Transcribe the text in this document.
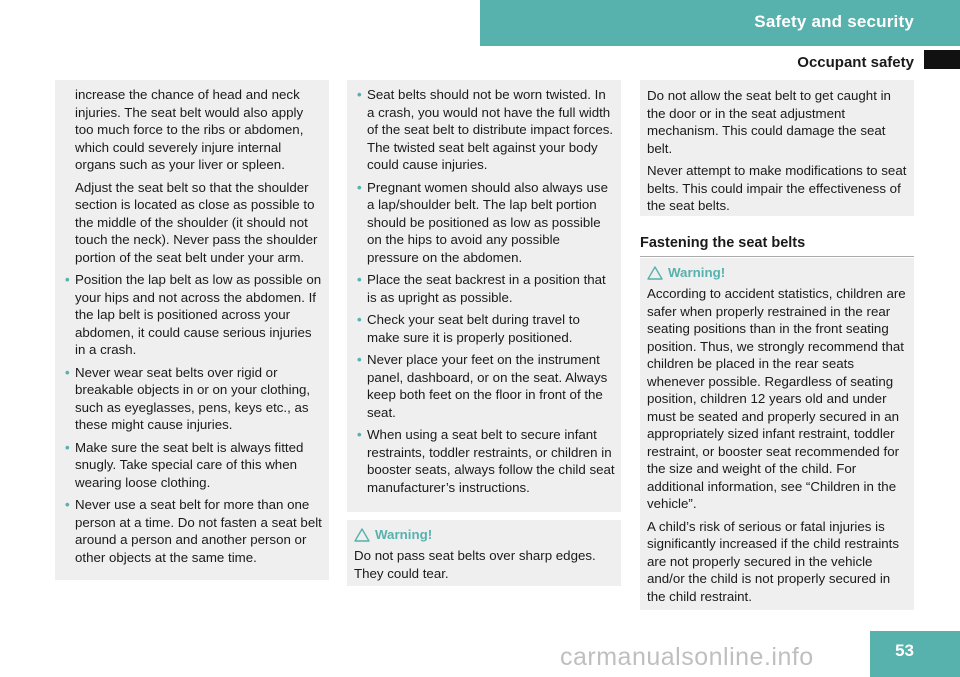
Safety and security
Occupant safety

increase the chance of head and neck injuries. The seat belt would also apply too much force to the ribs or abdomen, which could severely injure internal organs such as your liver or spleen.

Adjust the seat belt so that the shoulder section is located as close as possible to the middle of the shoulder (it should not touch the neck). Never pass the shoulder portion of the seat belt under your arm.

• Position the lap belt as low as possible on your hips and not across the abdomen. If the lap belt is positioned across your abdomen, it could cause serious injuries in a crash.
• Never wear seat belts over rigid or breakable objects in or on your clothing, such as eyeglasses, pens, keys etc., as these might cause injuries.
• Make sure the seat belt is always fitted snugly. Take special care of this when wearing loose clothing.
• Never use a seat belt for more than one person at a time. Do not fasten a seat belt around a person and another person or other objects at the same time.
• Seat belts should not be worn twisted. In a crash, you would not have the full width of the seat belt to distribute impact forces. The twisted seat belt against your body could cause injuries.
• Pregnant women should also always use a lap/shoulder belt. The lap belt portion should be positioned as low as possible on the hips to avoid any possible pressure on the abdomen.
• Place the seat backrest in a position that is as upright as possible.
• Check your seat belt during travel to make sure it is properly positioned.
• Never place your feet on the instrument panel, dashboard, or on the seat. Always keep both feet on the floor in front of the seat.
• When using a seat belt to secure infant restraints, toddler restraints, or children in booster seats, always follow the child seat manufacturer’s instructions.
Warning!

Do not pass seat belts over sharp edges. They could tear.

Do not allow the seat belt to get caught in the door or in the seat adjustment mechanism. This could damage the seat belt.

Never attempt to make modifications to seat belts. This could impair the effectiveness of the seat belts.

Fastening the seat belts
Warning!

According to accident statistics, children are safer when properly restrained in the rear seating positions than in the front seating position. Thus, we strongly recommend that children be placed in the rear seats whenever possible. Regardless of seating position, children 12 years old and under must be seated and properly secured in an appropriately sized infant restraint, toddler restraint, or booster seat recommended for the size and weight of the child. For additional information, see “Children in the vehicle”.

A child’s risk of serious or fatal injuries is significantly increased if the child restraints are not properly secured in the vehicle and/or the child is not properly secured in the child restraint.

53
carmanualsonline.info
